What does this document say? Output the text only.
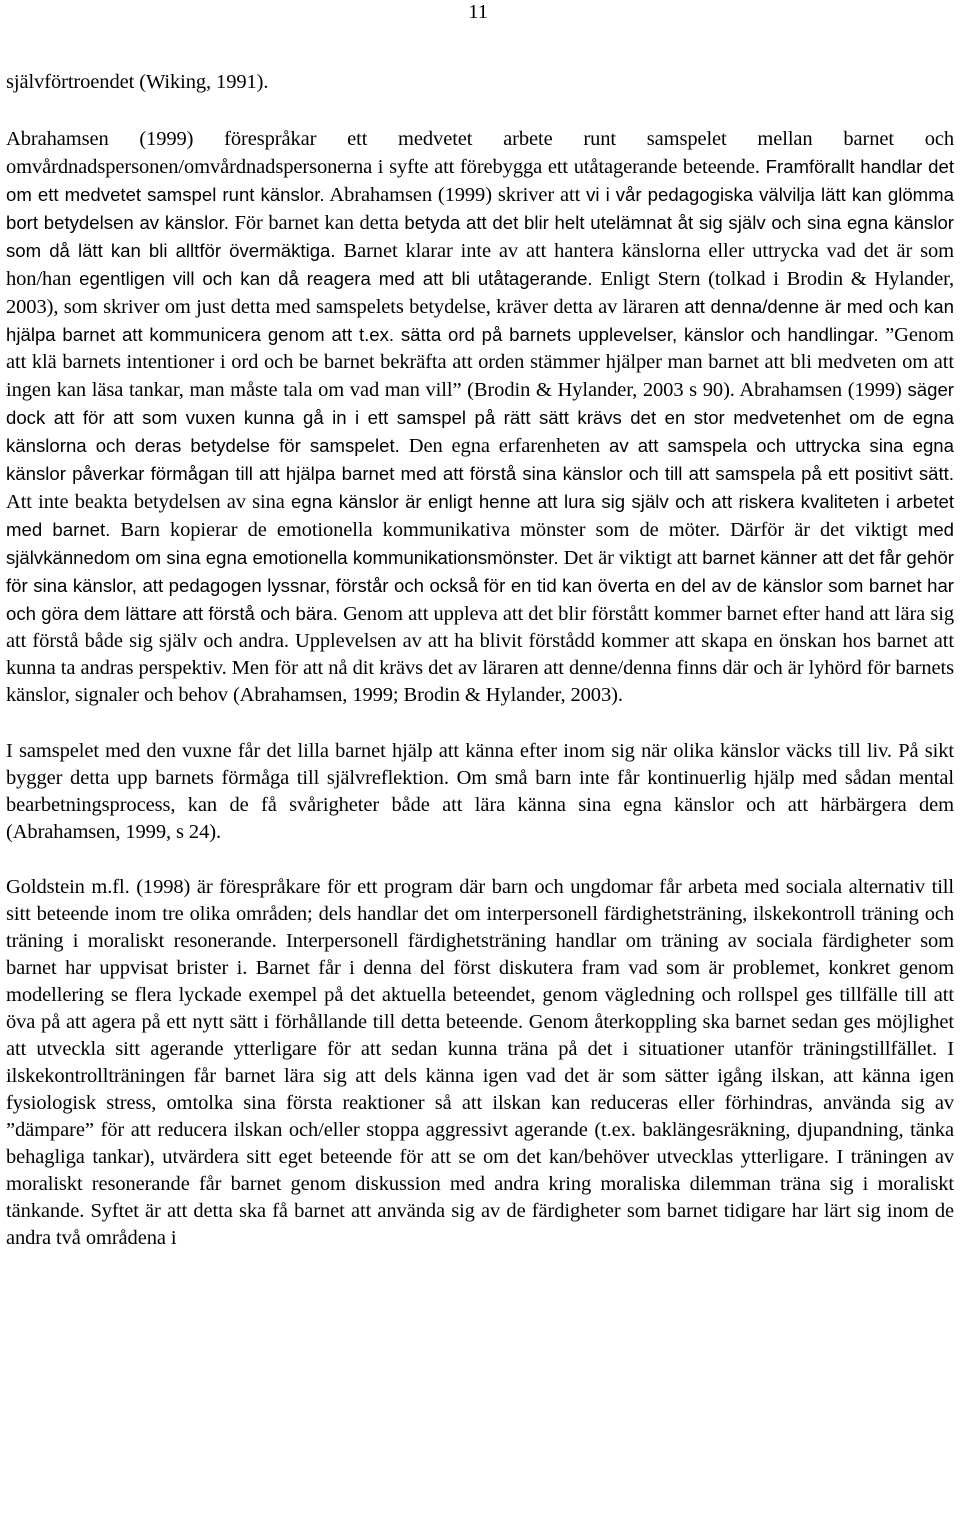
11

självförtroendet (Wiking, 1991).

Abrahamsen (1999) förespråkar ett medvetet arbete runt samspelet mellan barnet och omvårdnadspersonen/omvårdnadspersonerna i syfte att förebygga ett utåtagerande beteende. Framförallt handlar det om ett medvetet samspel runt känslor. Abrahamsen (1999) skriver att vi i vår pedagogiska välvilja lätt kan glömma bort betydelsen av känslor. För barnet kan detta betyda att det blir helt utelämnat åt sig själv och sina egna känslor som då lätt kan bli alltför övermäktiga. Barnet klarar inte av att hantera känslorna eller uttrycka vad det är som hon/han egentligen vill och kan då reagera med att bli utåtagerande. Enligt Stern (tolkad i Brodin & Hylander, 2003), som skriver om just detta med samspelets betydelse, kräver detta av läraren att denna/denne är med och kan hjälpa barnet att kommunicera genom att t.ex. sätta ord på barnets upplevelser, känslor och handlingar. ”Genom att klä barnets intentioner i ord och be barnet bekräfta att orden stämmer hjälper man barnet att bli medveten om att ingen kan läsa tankar, man måste tala om vad man vill” (Brodin & Hylander, 2003 s 90). Abrahamsen (1999) säger dock att för att som vuxen kunna gå in i ett samspel på rätt sätt krävs det en stor medvetenhet om de egna känslorna och deras betydelse för samspelet. Den egna erfarenheten av att samspela och uttrycka sina egna känslor påverkar förmågan till att hjälpa barnet med att förstå sina känslor och till att samspela på ett positivt sätt. Att inte beakta betydelsen av sina egna känslor är enligt henne att lura sig själv och att riskera kvaliteten i arbetet med barnet. Barn kopierar de emotionella kommunikativa mönster som de möter. Därför är det viktigt med självkännedom om sina egna emotionella kommunikationsmönster. Det är viktigt att barnet känner att det får gehör för sina känslor, att pedagogen lyssnar, förstår och också för en tid kan överta en del av de känslor som barnet har och göra dem lättare att förstå och bära. Genom att uppleva att det blir förstått kommer barnet efter hand att lära sig att förstå både sig själv och andra. Upplevelsen av att ha blivit förstådd kommer att skapa en önskan hos barnet att kunna ta andras perspektiv. Men för att nå dit krävs det av läraren att denne/denna finns där och är lyhörd för barnets känslor, signaler och behov (Abrahamsen, 1999; Brodin & Hylander, 2003).

I samspelet med den vuxne får det lilla barnet hjälp att känna efter inom sig när olika känslor väcks till liv. På sikt bygger detta upp barnets förmåga till självreflektion. Om små barn inte får kontinuerlig hjälp med sådan mental bearbetningsprocess, kan de få svårigheter både att lära känna sina egna känslor och att härbärgera dem (Abrahamsen, 1999, s 24).

Goldstein m.fl. (1998) är förespråkare för ett program där barn och ungdomar får arbeta med sociala alternativ till sitt beteende inom tre olika områden; dels handlar det om interpersonell färdighetsträning, ilskekontroll träning och träning i moraliskt resonerande. Interpersonell färdighetsträning handlar om träning av sociala färdigheter som barnet har uppvisat brister i. Barnet får i denna del först diskutera fram vad som är problemet, konkret genom modellering se flera lyckade exempel på det aktuella beteendet, genom vägledning och rollspel ges tillfälle till att öva på att agera på ett nytt sätt i förhållande till detta beteende. Genom återkoppling ska barnet sedan ges möjlighet att utveckla sitt agerande ytterligare för att sedan kunna träna på det i situationer utanför träningstillfället. I ilskekontrollträningen får barnet lära sig att dels känna igen vad det är som sätter igång ilskan, att känna igen fysiologisk stress, omtolka sina första reaktioner så att ilskan kan reduceras eller förhindras, använda sig av ”dämpare” för att reducera ilskan och/eller stoppa aggressivt agerande (t.ex. baklängesräkning, djupandning, tänka behagliga tankar), utvärdera sitt eget beteende för att se om det kan/behöver utvecklas ytterligare. I träningen av moraliskt resonerande får barnet genom diskussion med andra kring moraliska dilemman träna sig i moraliskt tänkande. Syftet är att detta ska få barnet att använda sig av de färdigheter som barnet tidigare har lärt sig inom de andra två områdena i
